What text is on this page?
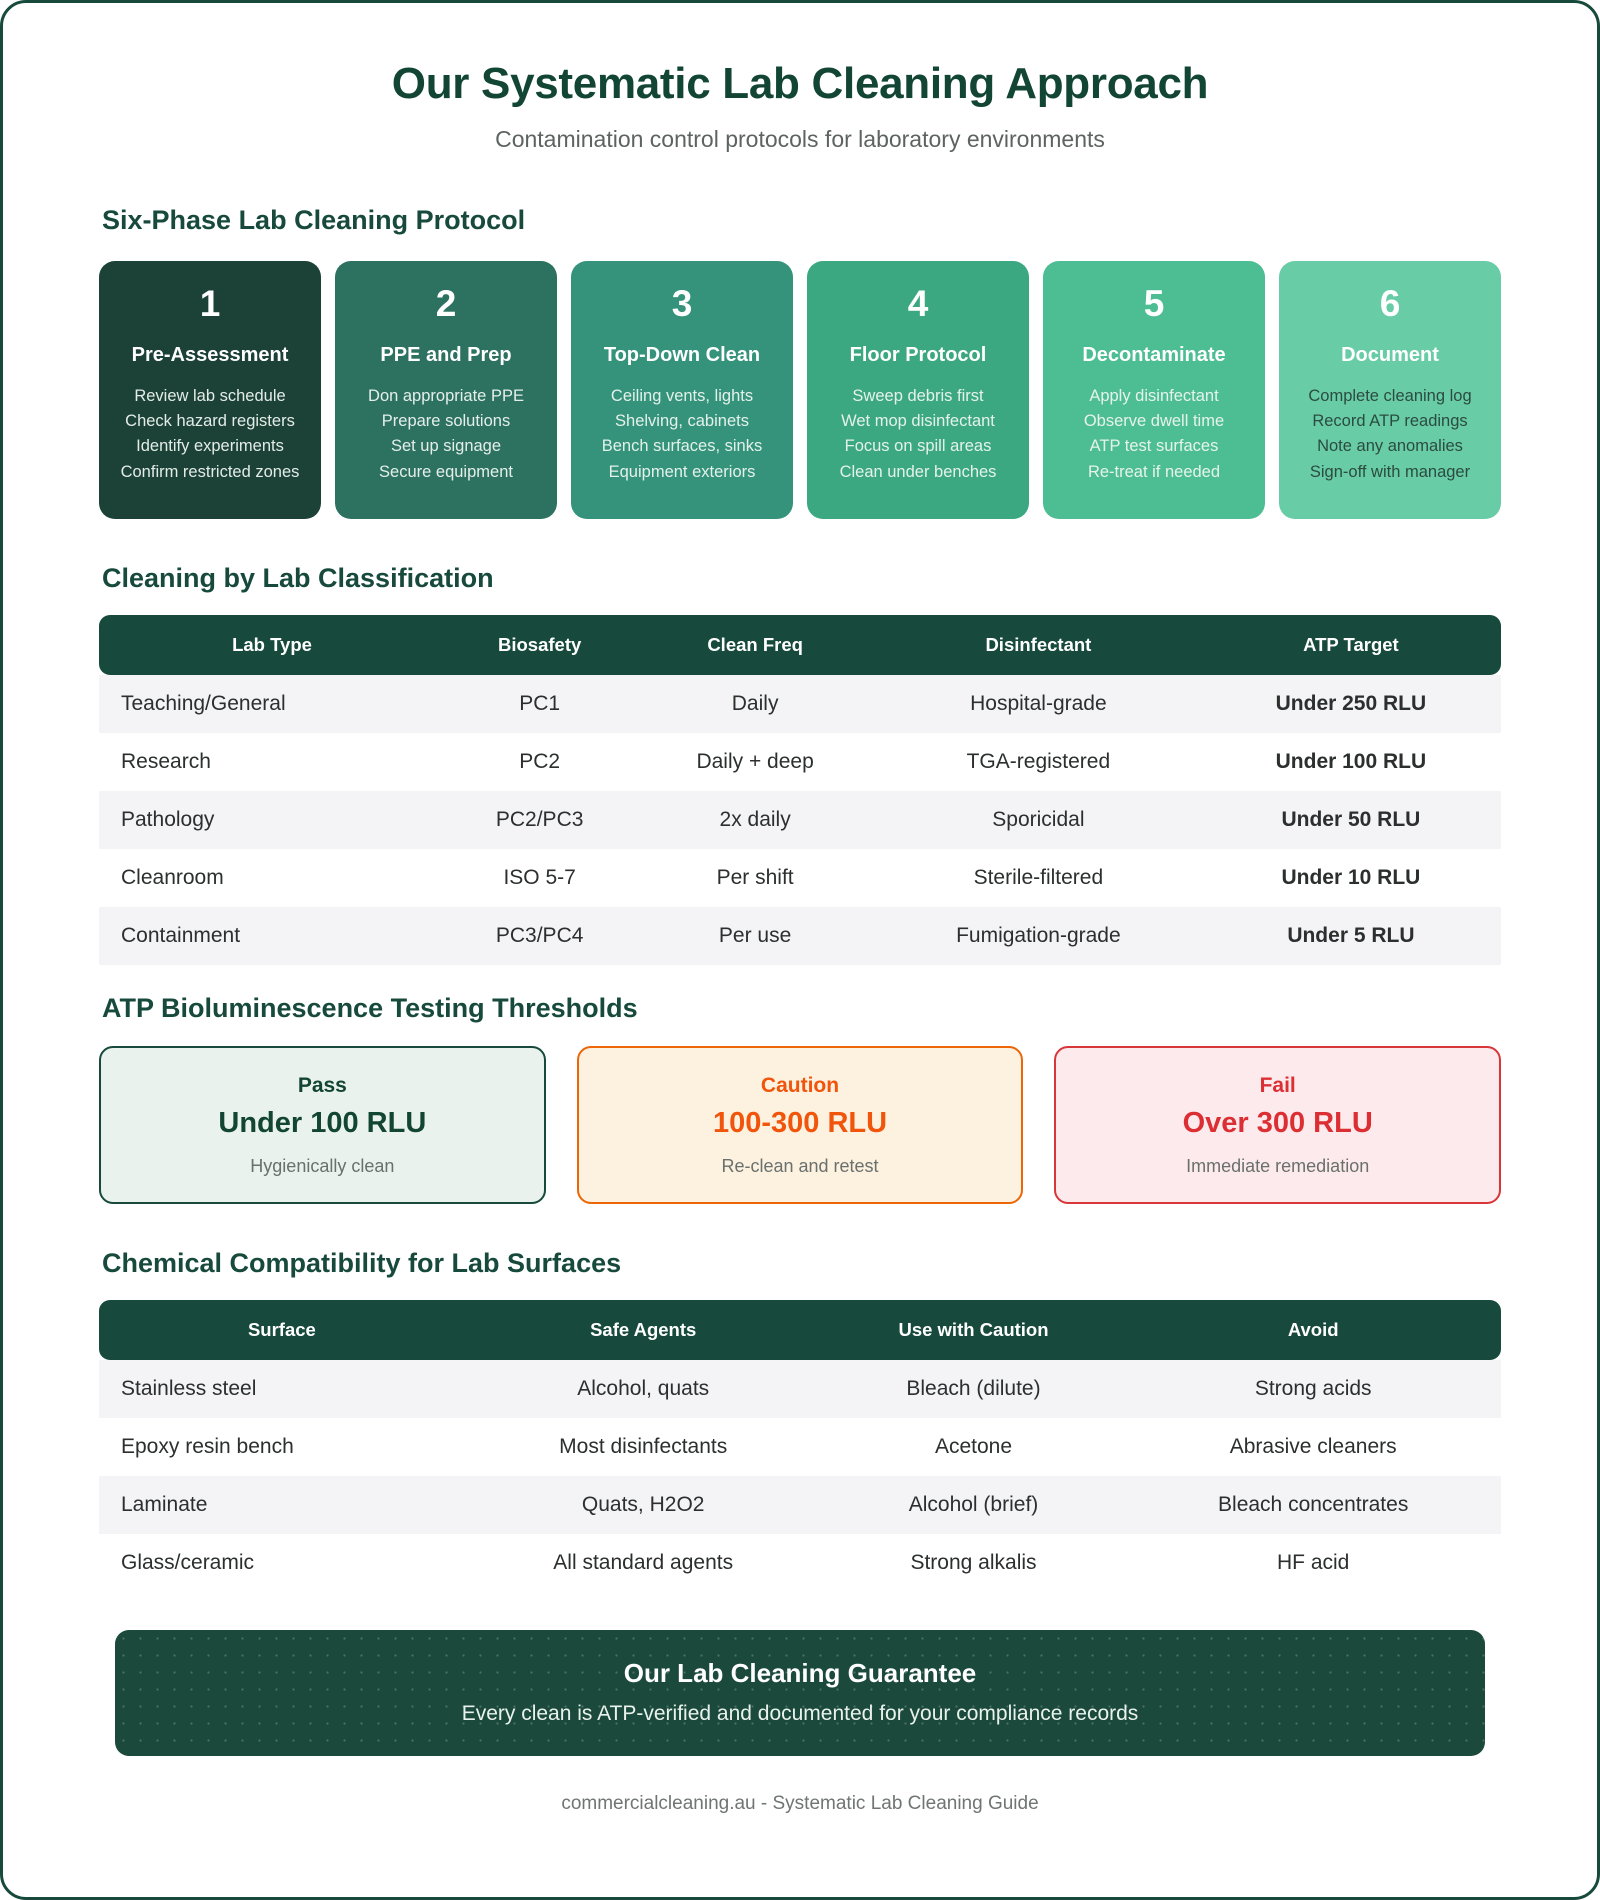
Our Systematic Lab Cleaning Approach

Contamination control protocols for laboratory environments

Six-Phase Lab Cleaning Protocol
1
Pre-Assessment
Review lab schedule
Check hazard registers
Identify experiments
Confirm restricted zones
2
PPE and Prep
Don appropriate PPE
Prepare solutions
Set up signage
Secure equipment
3
Top-Down Clean
Ceiling vents, lights
Shelving, cabinets
Bench surfaces, sinks
Equipment exteriors
4
Floor Protocol
Sweep debris first
Wet mop disinfectant
Focus on spill areas
Clean under benches
5
Decontaminate
Apply disinfectant
Observe dwell time
ATP test surfaces
Re-treat if needed
6
Document
Complete cleaning log
Record ATP readings
Note any anomalies
Sign-off with manager
Cleaning by Lab Classification
Lab Type	Biosafety	Clean Freq	Disinfectant	ATP Target
Teaching/General	PC1	Daily	Hospital-grade	Under 250 RLU
Research	PC2	Daily + deep	TGA-registered	Under 100 RLU
Pathology	PC2/PC3	2x daily	Sporicidal	Under 50 RLU
Cleanroom	ISO 5-7	Per shift	Sterile-filtered	Under 10 RLU
Containment	PC3/PC4	Per use	Fumigation-grade	Under 5 RLU
ATP Bioluminescence Testing Thresholds
Pass
Under 100 RLU
Hygienically clean
Caution
100-300 RLU
Re-clean and retest
Fail
Over 300 RLU
Immediate remediation
Chemical Compatibility for Lab Surfaces
Surface	Safe Agents	Use with Caution	Avoid
Stainless steel	Alcohol, quats	Bleach (dilute)	Strong acids
Epoxy resin bench	Most disinfectants	Acetone	Abrasive cleaners
Laminate	Quats, H2O2	Alcohol (brief)	Bleach concentrates
Glass/ceramic	All standard agents	Strong alkalis	HF acid
Our Lab Cleaning Guarantee
Every clean is ATP-verified and documented for your compliance records
commercialcleaning.au - Systematic Lab Cleaning Guide
